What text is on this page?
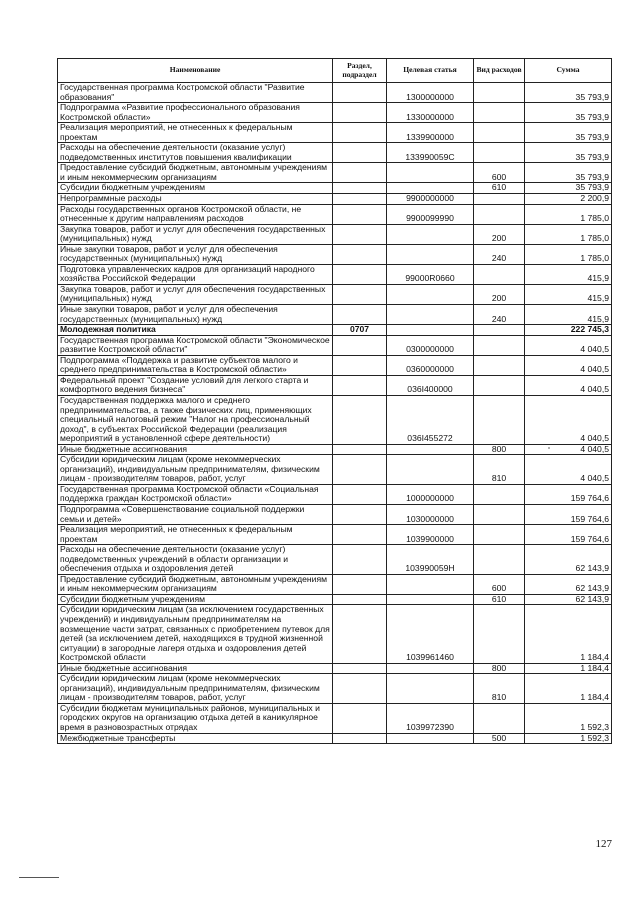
Наименование	Раздел, подраздел	Целевая статья	Вид расходов	Сумма
Государственная программа Костромской области "Развитие образования"		1300000000		35 793,9
Подпрограмма «Развитие профессионального образования Костромской области»		1330000000		35 793,9
Реализация мероприятий, не отнесенных к федеральным проектам		1339900000		35 793,9
Расходы на обеспечение деятельности (оказание услуг) подведомственных институтов повышения квалификации		133990059С		35 793,9
Предоставление субсидий бюджетным, автономным учреждениям и иным некоммерческим организациям			600	35 793,9
Субсидии бюджетным учреждениям			610	35 793,9
Непрограммные расходы		9900000000		2 200,9
Расходы государственных органов Костромской области, не отнесенные к другим направлениям расходов		9900099990		1 785,0
Закупка товаров, работ и услуг для обеспечения государственных (муниципальных) нужд			200	1 785,0
Иные закупки товаров, работ и услуг для обеспечения государственных (муниципальных) нужд			240	1 785,0
Подготовка управленческих кадров для организаций народного хозяйства Российской Федерации		99000R0660		415,9
Закупка товаров, работ и услуг для обеспечения государственных (муниципальных) нужд			200	415,9
Иные закупки товаров, работ и услуг для обеспечения государственных (муниципальных) нужд			240	415,9
Молодежная политика	0707			222 745,3
Государственная программа Костромской области "Экономическое развитие Костромской области"		0300000000		4 040,5
Подпрограмма «Поддержка и развитие субъектов малого и среднего предпринимательства в Костромской области»		0360000000		4 040,5
Федеральный проект "Создание условий для легкого старта и комфортного ведения бизнеса"		036I400000		4 040,5
Государственная поддержка малого и среднего предпринимательства, а также физических лиц, применяющих специальный налоговый режим "Налог на профессиональный доход", в субъектах Российской Федерации (реализация мероприятий в установленной сфере деятельности)		036I455272		4 040,5
Иные бюджетные ассигнования			800	4 040,5
Субсидии юридическим лицам (кроме некоммерческих организаций), индивидуальным предпринимателям, физическим лицам - производителям товаров, работ, услуг			810	4 040,5
Государственная программа Костромской области «Социальная поддержка граждан Костромской области»		1000000000		159 764,6
Подпрограмма «Совершенствование социальной поддержки семьи и детей»		1030000000		159 764,6
Реализация мероприятий, не отнесенных к федеральным проектам		1039900000		159 764,6
Расходы на обеспечение деятельности (оказание услуг) подведомственных учреждений в области организации и обеспечения отдыха и оздоровления детей		103990059Н		62 143,9
Предоставление субсидий бюджетным, автономным учреждениям и иным некоммерческим организациям			600	62 143,9
Субсидии бюджетным учреждениям			610	62 143,9
Субсидии юридическим лицам (за исключением государственных учреждений) и индивидуальным предпринимателям на возмещение части затрат, связанных с приобретением путевок для детей (за исключением детей, находящихся в трудной жизненной ситуации) в загородные лагеря отдыха и оздоровления детей Костромской области		1039961460		1 184,4
Иные бюджетные ассигнования			800	1 184,4
Субсидии юридическим лицам (кроме некоммерческих организаций), индивидуальным предпринимателям, физическим лицам - производителям товаров, работ, услуг			810	1 184,4
Субсидии бюджетам муниципальных районов, муниципальных и городских округов на организацию отдыха детей в каникулярное время в разновозрастных отрядах		1039972390		1 592,3
Межбюджетные трансферты			500	1 592,3
127
